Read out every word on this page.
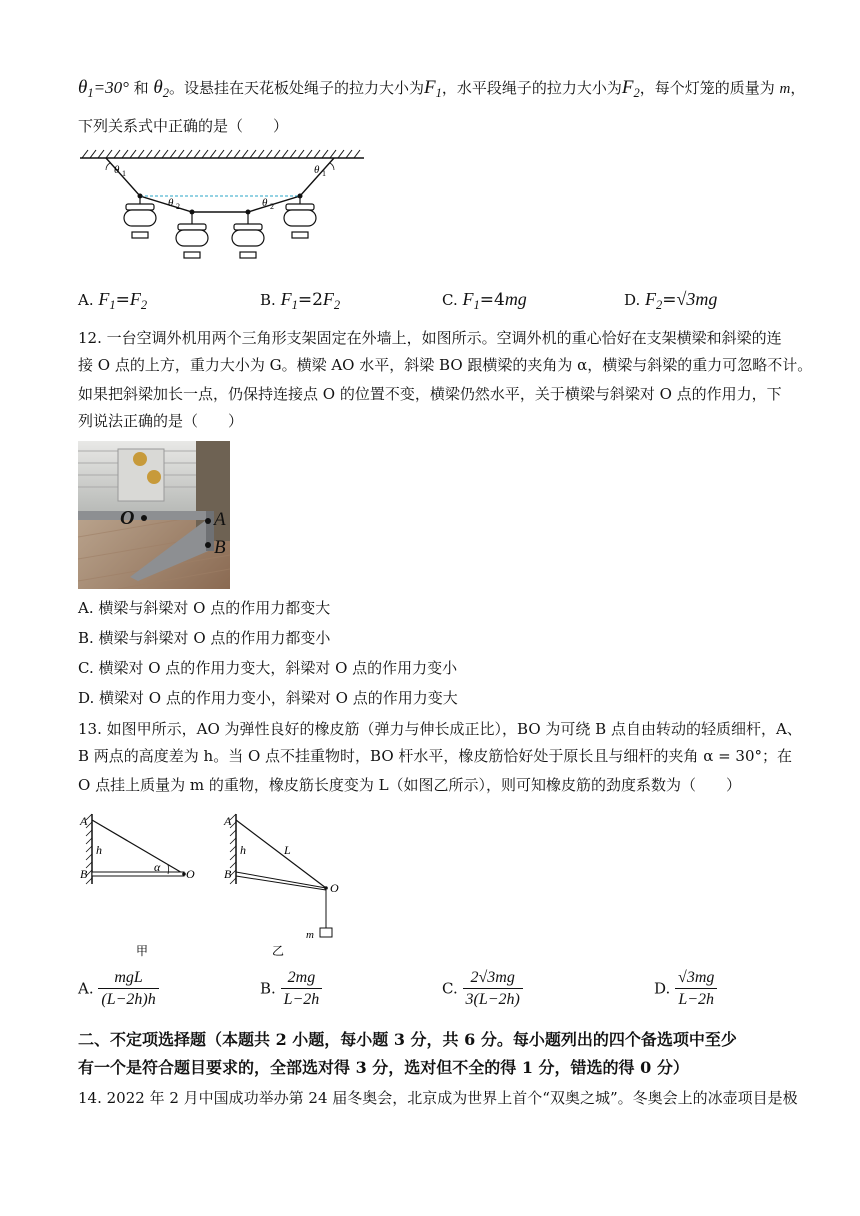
$\theta_1=30^\circ$ 和 $\theta_2$。设悬挂在天花板处绳子的拉力大小为$F_1$，水平段绳子的拉力大小为$F_2$，每个灯笼的质量为 m，
下列关系式中正确的是（　　）
θ 1	θ 1
θ 2	θ 2
A. $F_1=F_2$	B. $F_1=2F_2$	C. $F_1=4mg$	D. $F_2=√3mg$
12. 一台空调外机用两个三角形支架固定在外墙上，如图所示。空调外机的重心恰好在支架横梁和斜梁的连
接 O 点的上方，重力大小为 G。横梁 AO 水平，斜梁 BO 跟横梁的夹角为 α，横梁与斜梁的重力可忽略不计。
如果把斜梁加长一点，仍保持连接点 O 的位置不变，横梁仍然水平，关于横梁与斜梁对 O 点的作用力，下
列说法正确的是（　　）
O	A
B
A. 横梁与斜梁对 O 点的作用力都变大
B. 横梁与斜梁对 O 点的作用力都变小
C. 横梁对 O 点的作用力变大，斜梁对 O 点的作用力变小
D. 横梁对 O 点的作用力变小，斜梁对 O 点的作用力变大
13. 如图甲所示，AO 为弹性良好的橡皮筋（弹力与伸长成正比），BO 为可绕 B 点自由转动的轻质细杆，A、
B 两点的高度差为 h。当 O 点不挂重物时，BO 杆水平，橡皮筋恰好处于原长且与细杆的夹角 α = 30°；在
O 点挂上质量为 m 的重物，橡皮筋长度变为 L（如图乙所示），则可知橡皮筋的劲度系数为（　　）
A
B
h
α O
甲
A
B
h	L
O
m
乙
A. $\frac{\text{mgL}}{(L-2h)h}$	B. $\frac{2mg}{L-2h}$	C. $\frac{2√3mg}{3(L-2h)}$	D. $\frac{√3mg}{L-2h}$
二、不定项选择题（本题共 2 小题，每小题 3 分，共 6 分。每小题列出的四个备选项中至少
有一个是符合题目要求的，全部选对得 3 分，选对但不全的得 1 分，错选的得 0 分）
14. 2022 年 2 月中国成功举办第 24 届冬奥会，北京成为世界上首个“双奥之城”。冬奥会上的冰壶项目是极
